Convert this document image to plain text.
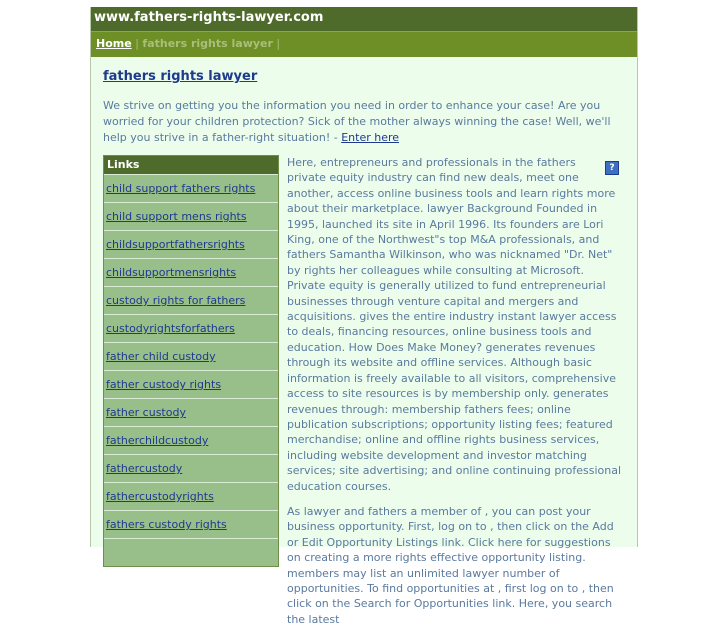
www.fathers-rights-lawyer.com
Home | fathers rights lawyer |
fathers rights lawyer

We strive on getting you the information you need in order to enhance your case! Are you worried for your children protection? Sick of the mother always winning the case! Well, we'll help you strive in a father-right situation! - Enter here

Links
child support fathers rights
child support mens rights
childsupportfathersrights
childsupportmensrights
custody rights for fathers
custodyrightsforfathers
father child custody
father custody rights
father custody
fatherchildcustody
fathercustody
fathercustodyrights
fathers custody rights
?

Here, entrepreneurs and professionals in the fathers private equity industry can find new deals, meet one another, access online business tools and learn rights more about their marketplace. lawyer Background Founded in 1995, launched its site in April 1996. Its founders are Lori King, one of the Northwest"s top M&A professionals, and fathers Samantha Wilkinson, who was nicknamed "Dr. Net" by rights her colleagues while consulting at Microsoft. Private equity is generally utilized to fund entrepreneurial businesses through venture capital and mergers and acquisitions. gives the entire industry instant lawyer access to deals, financing resources, online business tools and education. How Does Make Money? generates revenues through its website and offline services. Although basic information is freely available to all visitors, comprehensive access to site resources is by membership only. generates revenues through: membership fathers fees; online publication subscriptions; opportunity listing fees; featured merchandise; online and offline rights business services, including website development and investor matching services; site advertising; and online continuing professional education courses.

As lawyer and fathers a member of , you can post your business opportunity. First, log on to , then click on the Add or Edit Opportunity Listings link. Click here for suggestions on creating a more rights effective opportunity listing. members may list an unlimited lawyer number of opportunities. To find opportunities at , first log on to , then click on the Search for Opportunities link. Here, you search the latest
